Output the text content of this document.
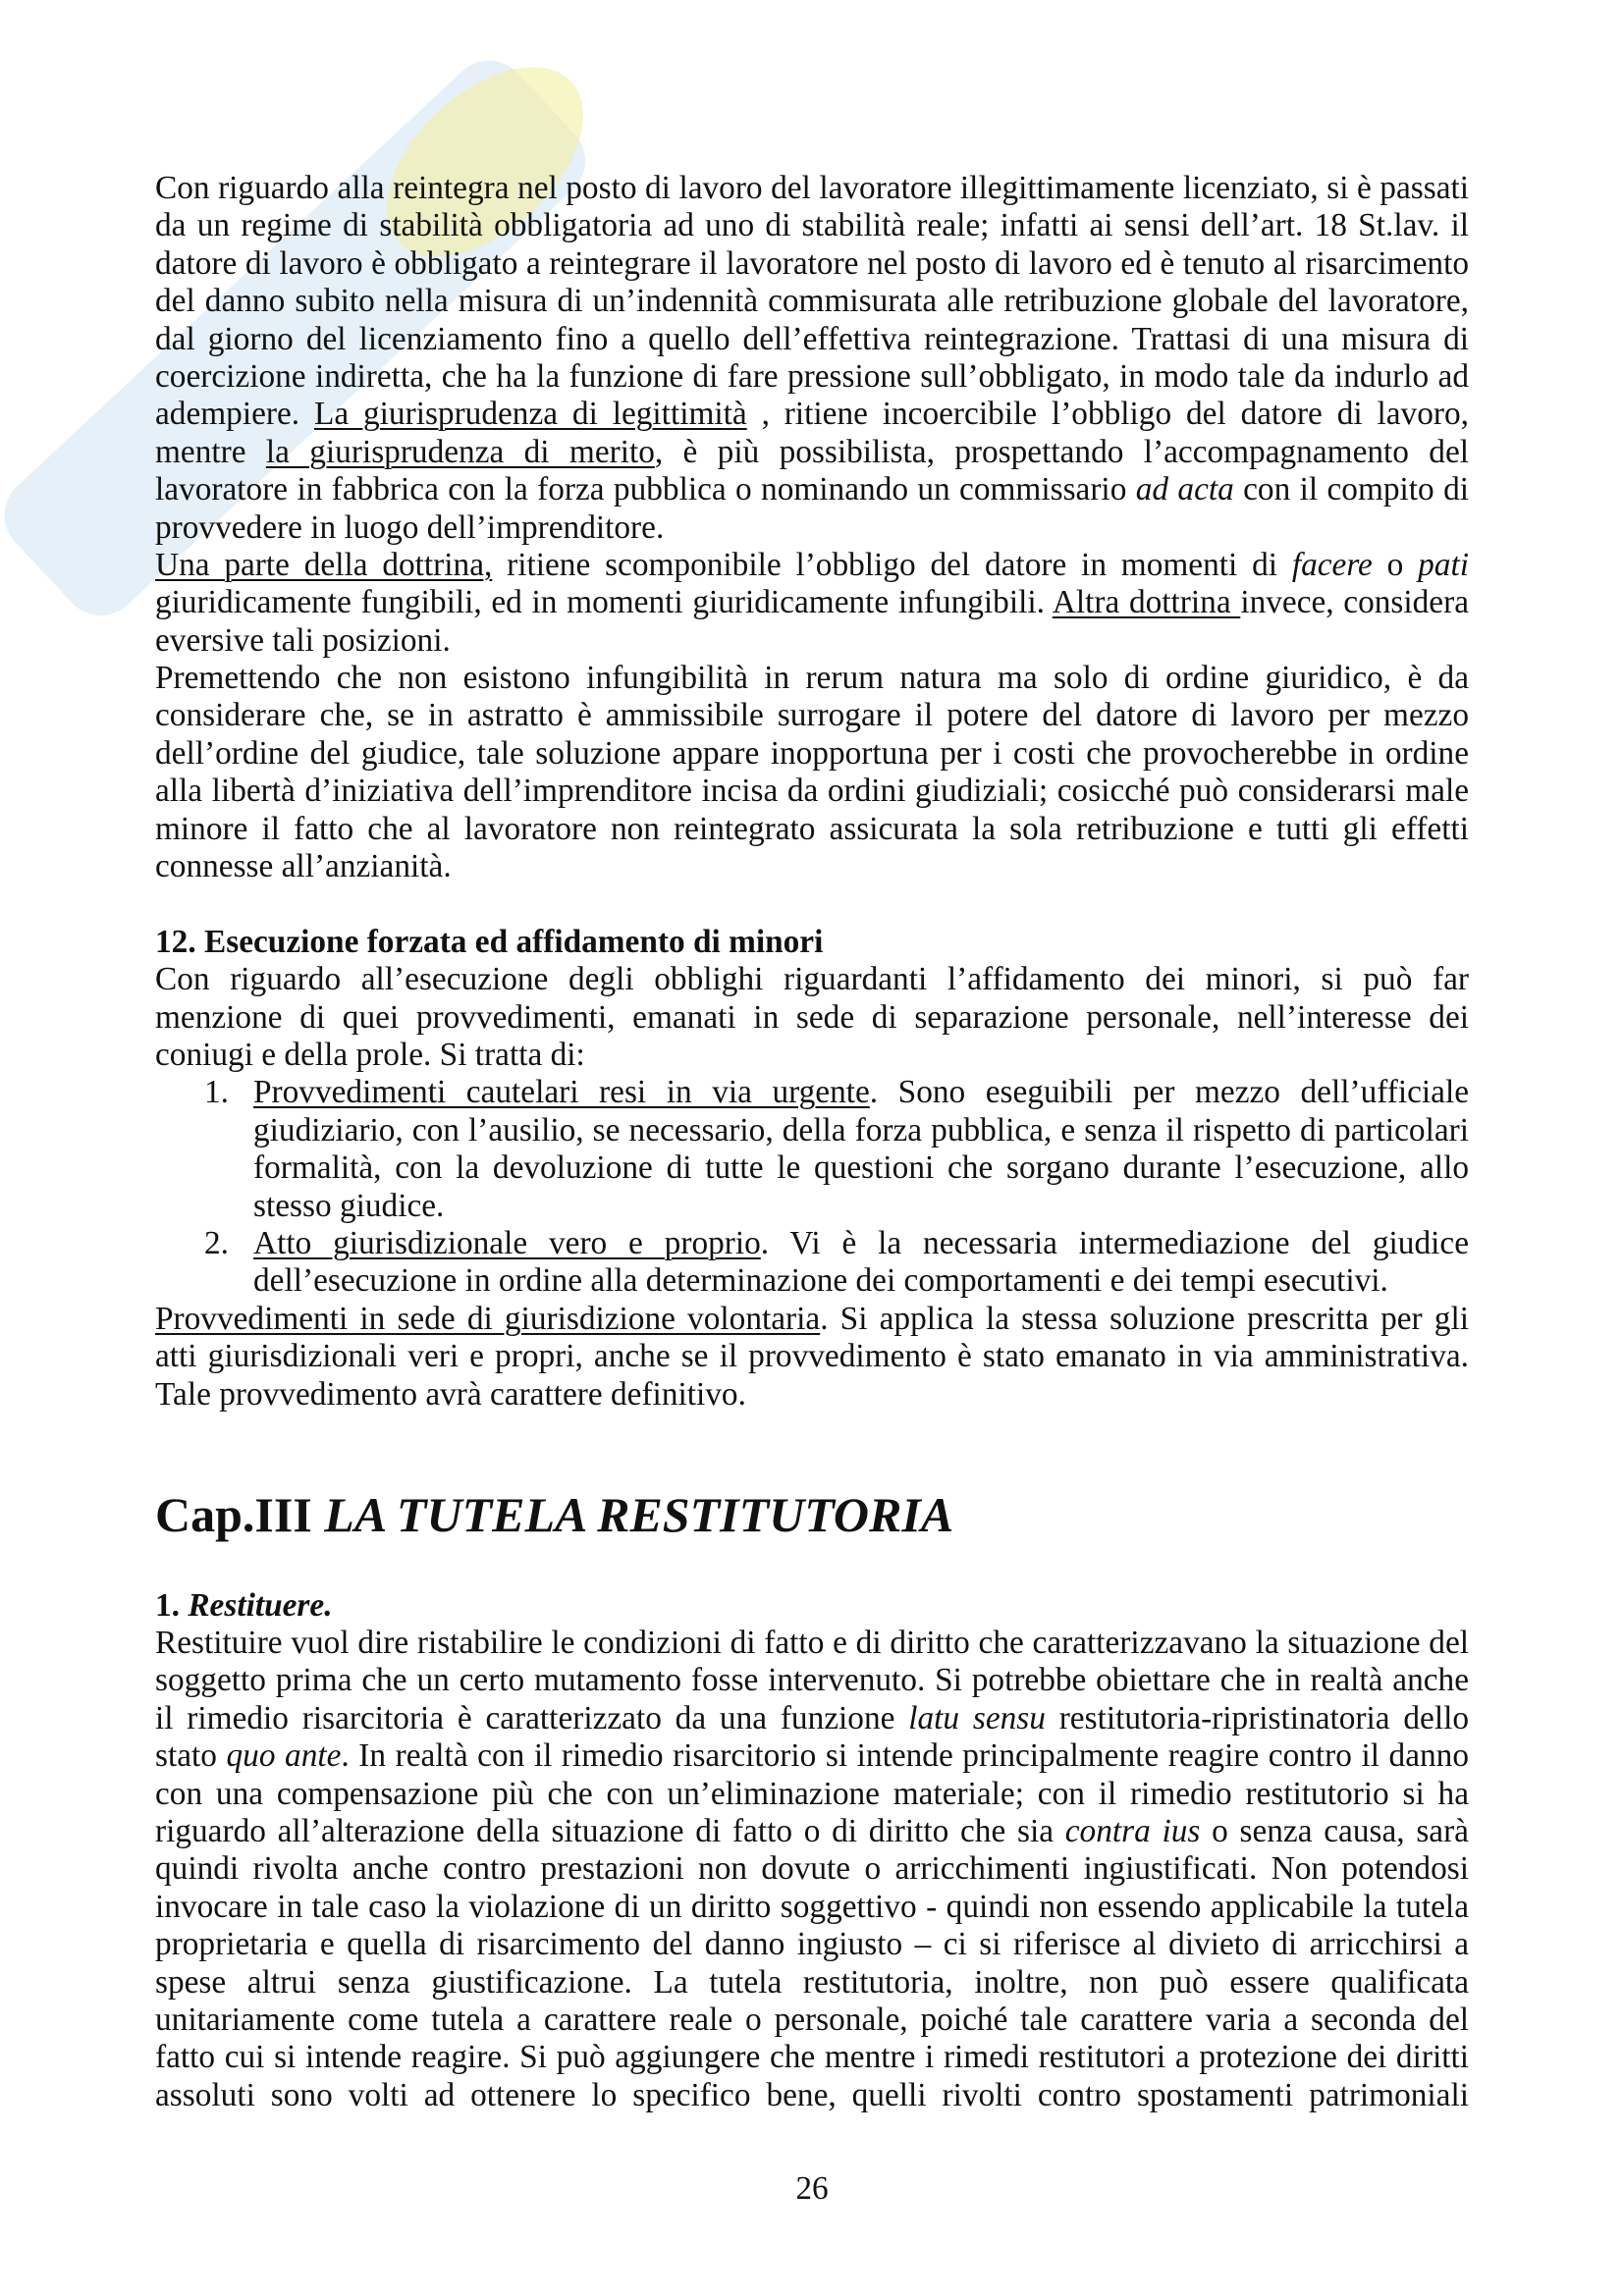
Con riguardo alla reintegra nel posto di lavoro del lavoratore illegittimamente licenziato, si è passati
da un regime di stabilità obbligatoria ad uno di stabilità reale; infatti ai sensi dell’art. 18 St.lav. il
datore di lavoro è obbligato a reintegrare il lavoratore nel posto di lavoro ed è tenuto al risarcimento
del danno subito nella misura di un’indennità commisurata alle retribuzione globale del lavoratore,
dal giorno del licenziamento fino a quello dell’effettiva reintegrazione. Trattasi di una misura di
coercizione indiretta, che ha la funzione di fare pressione sull’obbligato, in modo tale da indurlo ad
adempiere. La giurisprudenza di legittimità , ritiene incoercibile l’obbligo del datore di lavoro,
mentre la giurisprudenza di merito, è più possibilista, prospettando l’accompagnamento del
lavoratore in fabbrica con la forza pubblica o nominando un commissario ad acta con il compito di
provvedere in luogo dell’imprenditore.
Una parte della dottrina, ritiene scomponibile l’obbligo del datore in momenti di facere o pati
giuridicamente fungibili, ed in momenti giuridicamente infungibili. Altra dottrina invece, considera
eversive tali posizioni.
Premettendo che non esistono infungibilità in rerum natura ma solo di ordine giuridico, è da
considerare che, se in astratto è ammissibile surrogare il potere del datore di lavoro per mezzo
dell’ordine del giudice, tale soluzione appare inopportuna per i costi che provocherebbe in ordine
alla libertà d’iniziativa dell’imprenditore incisa da ordini giudiziali; cosicché può considerarsi male
minore il fatto che al lavoratore non reintegrato assicurata la sola retribuzione e tutti gli effetti
connesse all’anzianità.
12. Esecuzione forzata ed affidamento di minori
Con riguardo all’esecuzione degli obblighi riguardanti l’affidamento dei minori, si può far
menzione di quei provvedimenti, emanati in sede di separazione personale, nell’interesse dei
coniugi e della prole. Si tratta di:
1. Provvedimenti cautelari resi in via urgente. Sono eseguibili per mezzo dell’ufficiale
giudiziario, con l’ausilio, se necessario, della forza pubblica, e senza il rispetto di particolari
formalità, con la devoluzione di tutte le questioni che sorgano durante l’esecuzione, allo
stesso giudice.
2. Atto giurisdizionale vero e proprio. Vi è la necessaria intermediazione del giudice
dell’esecuzione in ordine alla determinazione dei comportamenti e dei tempi esecutivi.
Provvedimenti in sede di giurisdizione volontaria. Si applica la stessa soluzione prescritta per gli
atti giurisdizionali veri e propri, anche se il provvedimento è stato emanato in via amministrativa.
Tale provvedimento avrà carattere definitivo.
Cap.III LA TUTELA RESTITUTORIA
1. Restituere.
Restituire vuol dire ristabilire le condizioni di fatto e di diritto che caratterizzavano la situazione del
soggetto prima che un certo mutamento fosse intervenuto. Si potrebbe obiettare che in realtà anche
il rimedio risarcitoria è caratterizzato da una funzione latu sensu restitutoria-ripristinatoria dello
stato quo ante. In realtà con il rimedio risarcitorio si intende principalmente reagire contro il danno
con una compensazione più che con un’eliminazione materiale; con il rimedio restitutorio si ha
riguardo all’alterazione della situazione di fatto o di diritto che sia contra ius o senza causa, sarà
quindi rivolta anche contro prestazioni non dovute o arricchimenti ingiustificati. Non potendosi
invocare in tale caso la violazione di un diritto soggettivo - quindi non essendo applicabile la tutela
proprietaria e quella di risarcimento del danno ingiusto – ci si riferisce al divieto di arricchirsi a
spese altrui senza giustificazione. La tutela restitutoria, inoltre, non può essere qualificata
unitariamente come tutela a carattere reale o personale, poiché tale carattere varia a seconda del
fatto cui si intende reagire. Si può aggiungere che mentre i rimedi restitutori a protezione dei diritti
assoluti sono volti ad ottenere lo specifico bene, quelli rivolti contro spostamenti patrimoniali
26
